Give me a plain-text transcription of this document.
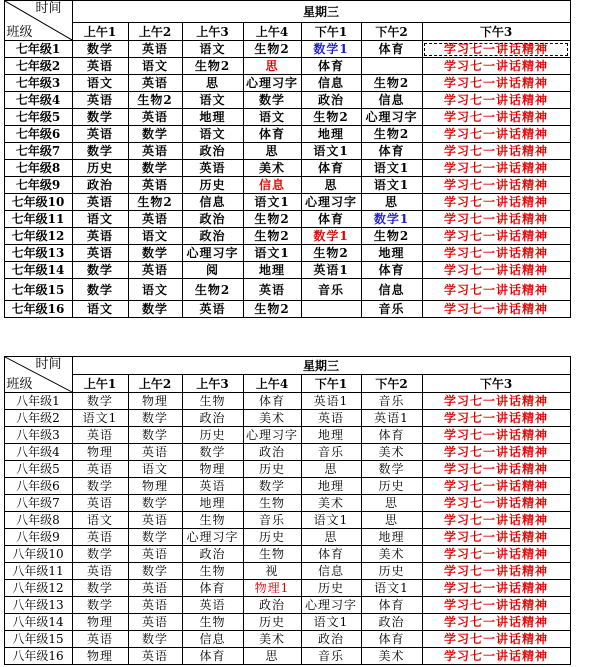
	时间
班级	星期三							
		上午1	上午2	上午3	上午4	下午1	下午2	下午3	
	七年级1	数学	英语	语文	生物2	数学1	体育	学习七一讲话精神	
	七年级2	英语	语文	生物2	思	体育		学习七一讲话精神	
	七年级3	语文	英语	思	心理习字	信息	生物2	学习七一讲话精神	
	七年级4	英语	生物2	语文	数学	政治	信息	学习七一讲话精神	
	七年级5	数学	英语	地理	语文	生物2	心理习字	学习七一讲话精神	
	七年级6	英语	数学	语文	体育	地理	生物2	学习七一讲话精神	
	七年级7	数学	英语	政治	思	语文1	体育	学习七一讲话精神	
	七年级8	历史	数学	英语	美术	体育	语文1	学习七一讲话精神	
	七年级9	政治	英语	历史	信息	思	语文1	学习七一讲话精神	
	七年级10	英语	生物2	信息	语文1	心理习字	思	学习七一讲话精神	
	七年级11	语文	英语	政治	生物2	体育	数学1	学习七一讲话精神	
	七年级12	英语	语文	政治	生物2	数学1	生物2	学习七一讲话精神	
	七年级13	英语	数学	心理习字	语文1	生物2	地理	学习七一讲话精神	
	七年级14	数学	英语	阅	地理	英语1	体育	学习七一讲话精神	
	七年级15	数学	语文	生物2	英语	音乐	信息	学习七一讲话精神	
	七年级16	语文	数学	英语	生物2		音乐	学习七一讲话精神	

	时间
班级	星期三							
		上午1	上午2	上午3	上午4	下午1	下午2	下午3	
	八年级1	数学	物理	生物	体育	英语1	音乐	学习七一讲话精神	
	八年级2	语文1	数学	政治	美术	英语	英语1	学习七一讲话精神	
	八年级3	英语	数学	历史	心理习字	地理	体育	学习七一讲话精神	
	八年级4	物理	英语	数学	政治	音乐	美术	学习七一讲话精神	
	八年级5	英语	语文	物理	历史	思	数学	学习七一讲话精神	
	八年级6	数学	物理	英语	数学	地理	历史	学习七一讲话精神	
	八年级7	英语	数学	地理	生物	美术	思	学习七一讲话精神	
	八年级8	语文	英语	生物	音乐	语文1	思	学习七一讲话精神	
	八年级9	英语	数学	心理习字	历史	思	地理	学习七一讲话精神	
	八年级10	数学	英语	政治	生物	体育	美术	学习七一讲话精神	
	八年级11	英语	数学	生物	视	信息	历史	学习七一讲话精神	
	八年级12	数学	英语	体育	物理1	历史	语文1	学习七一讲话精神	
	八年级13	数学	英语	英语	政治	心理习字	体育	学习七一讲话精神	
	八年级14	物理	英语	生物	历史	语文1	政治	学习七一讲话精神	
	八年级15	英语	数学	信息	美术	政治	体育	学习七一讲话精神	
	八年级16	物理	英语	体育	思	音乐	美术	学习七一讲话精神	
